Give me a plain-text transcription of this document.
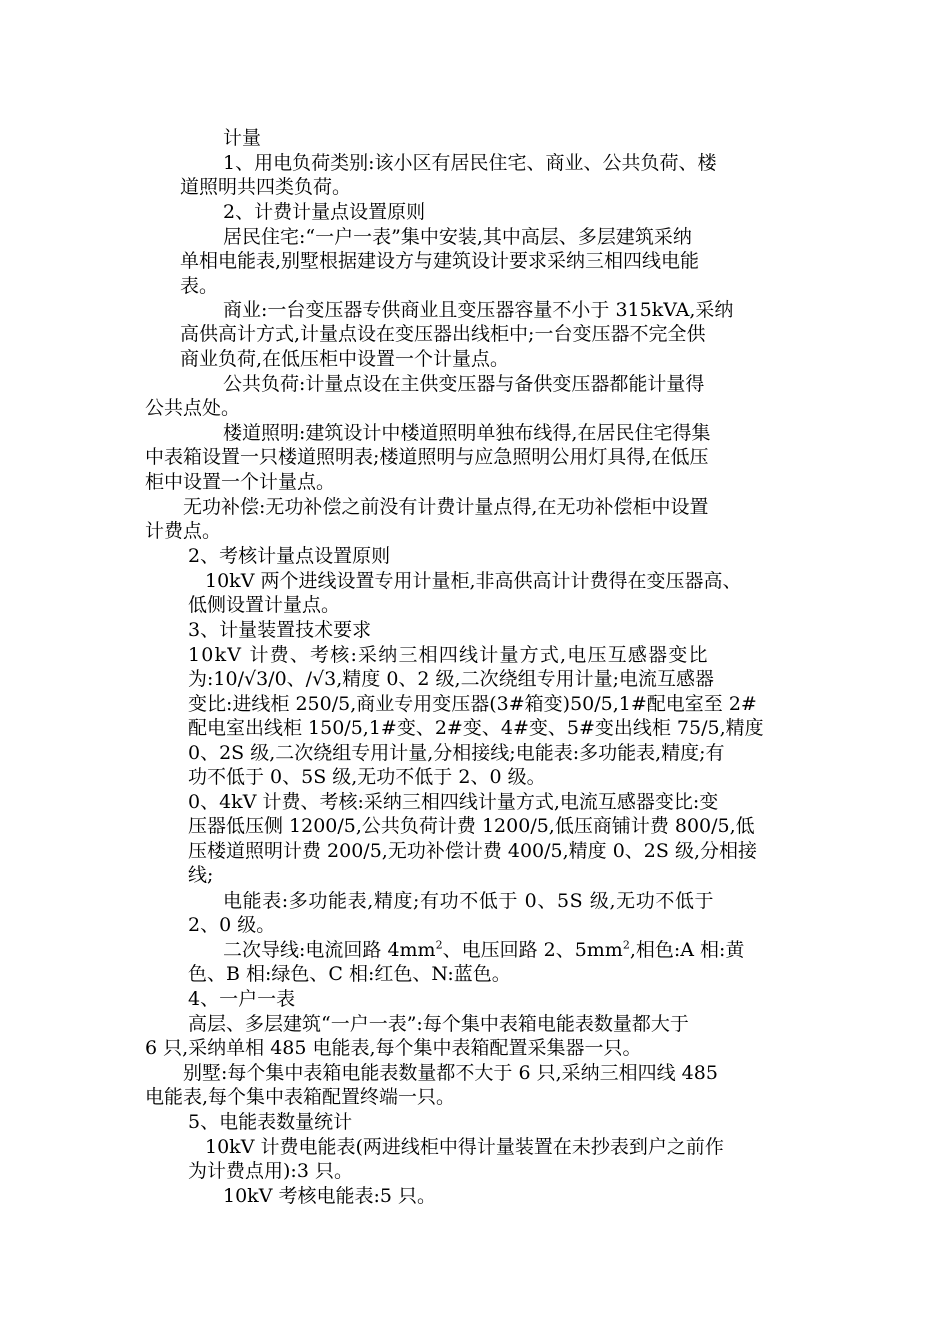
计量
1、用电负荷类别:该小区有居民住宅、商业、公共负荷、楼
道照明共四类负荷。
2、计费计量点设置原则
居民住宅:“一户一表”集中安装,其中高层、多层建筑采纳
单相电能表,别墅根据建设方与建筑设计要求采纳三相四线电能
表。
商业:一台变压器专供商业且变压器容量不小于 315kVA,采纳
高供高计方式,计量点设在变压器出线柜中;一台变压器不完全供
商业负荷,在低压柜中设置一个计量点。
公共负荷:计量点设在主供变压器与备供变压器都能计量得
公共点处。
楼道照明:建筑设计中楼道照明单独布线得,在居民住宅得集
中表箱设置一只楼道照明表;楼道照明与应急照明公用灯具得,在低压
柜中设置一个计量点。
无功补偿:无功补偿之前没有计费计量点得,在无功补偿柜中设置
计费点。
2、考核计量点设置原则
10kV 两个进线设置专用计量柜,非高供高计计费得在变压器高、
低侧设置计量点。
3、计量装置技术要求
10kV 计费、考核:采纳三相四线计量方式,电压互感器变比
为:10/√3/0、/√3,精度 0、2 级,二次绕组专用计量;电流互感器
变比:进线柜 250/5,商业专用变压器(3#箱变)50/5,1#配电室至 2#
配电室出线柜 150/5,1#变、2#变、4#变、5#变出线柜 75/5,精度
0、2S 级,二次绕组专用计量,分相接线;电能表:多功能表,精度;有
功不低于 0、5S 级,无功不低于 2、0 级。
0、4kV 计费、考核:采纳三相四线计量方式,电流互感器变比:变
压器低压侧 1200/5,公共负荷计费 1200/5,低压商铺计费 800/5,低
压楼道照明计费 200/5,无功补偿计费 400/5,精度 0、2S 级,分相接
线;
电能表:多功能表,精度;有功不低于 0、5S 级,无功不低于
2、0 级。
二次导线:电流回路 $4mm^2$、电压回路 2、$5mm^2$,相色:A 相:黄
色、B 相:绿色、C 相:红色、N:蓝色。
4、一户一表
高层、多层建筑“一户一表”:每个集中表箱电能表数量都大于
6 只,采纳单相 485 电能表,每个集中表箱配置采集器一只。
别墅:每个集中表箱电能表数量都不大于 6 只,采纳三相四线 485
电能表,每个集中表箱配置终端一只。
5、电能表数量统计
10kV 计费电能表(两进线柜中得计量装置在未抄表到户之前作
为计费点用):3 只。
10kV 考核电能表:5 只。
